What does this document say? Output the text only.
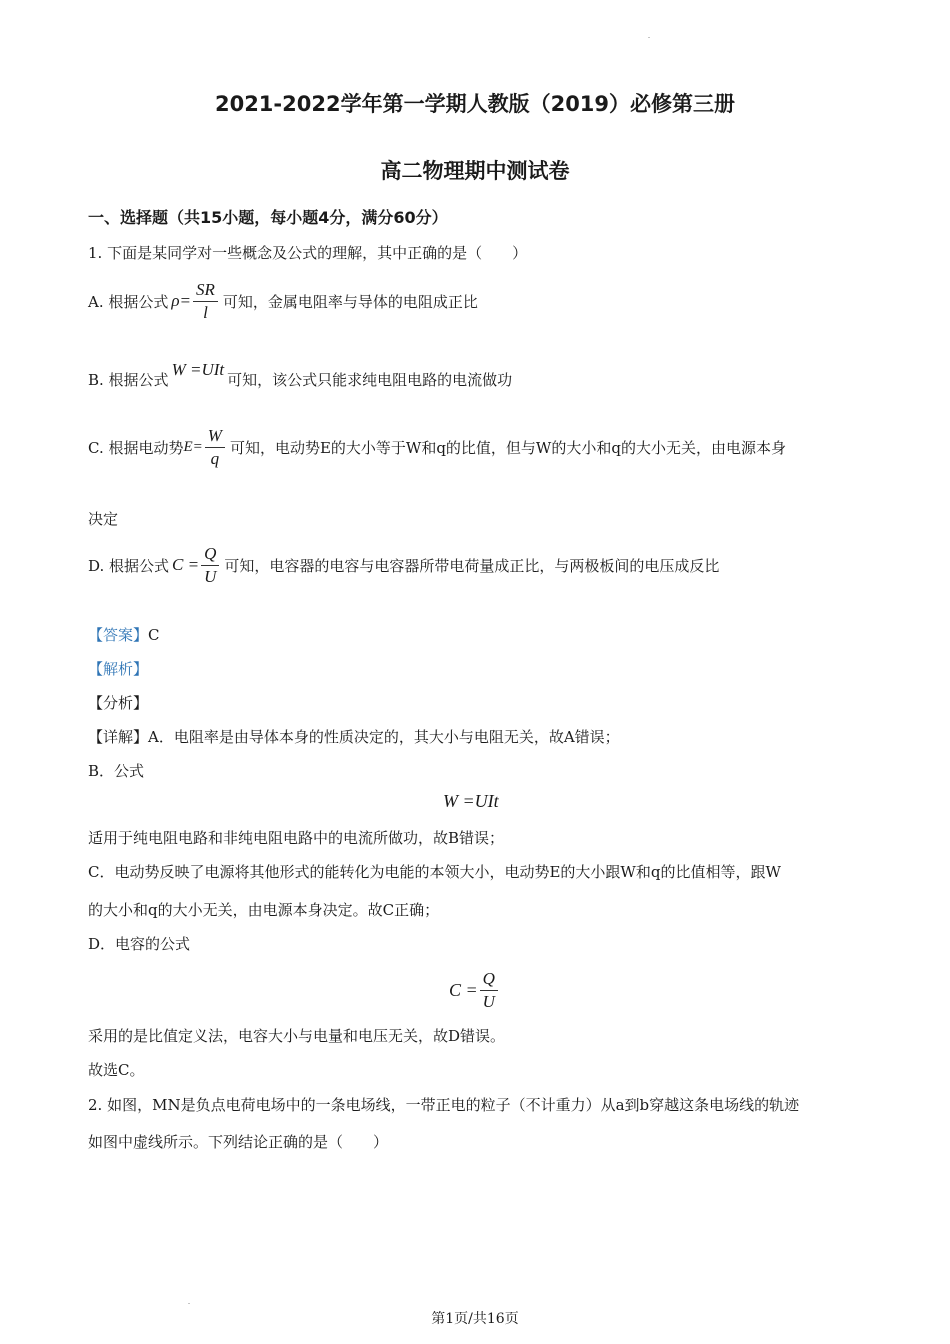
-
2021-2022学年第一学期人教版（2019）必修第三册
高二物理期中测试卷
一、选择题（共15小题，每小题4分，满分60分）
1. 下面是某同学对一些概念及公式的理解，其中正确的是（　　）
A. 根据公式 $\rho= \frac{SR}{l}$ 可知，金属电阻率与导体的电阻成正比
B. 根据公式
W =UIt
可知，该公式只能求纯电阻电路的电流做功
C. 根据电动势 $E= \frac{W}{q}$ 可知，电动势E的大小等于W和q的比值，但与W的大小和q的大小无关，由电源本身
决定
D. 根据公式 $C = \frac{Q}{U}$ 可知，电容器的电容与电容器所带电荷量成正比，与两极板间的电压成反比
【答案】C
【解析】
【分析】
【详解】A．电阻率是由导体本身的性质决定的，其大小与电阻无关，故A错误；
B．公式
W =UIt
适用于纯电阻电路和非纯电阻电路中的电流所做功，故B错误；
C．电动势反映了电源将其他形式的能转化为电能的本领大小，电动势E的大小跟W和q的比值相等，跟W
的大小和q的大小无关，由电源本身决定。故C正确；
D．电容的公式
$C = \frac{Q}{U}$
采用的是比值定义法，电容大小与电量和电压无关，故D错误。
故选C。
2. 如图，MN是负点电荷电场中的一条电场线，一带正电的粒子（不计重力）从a到b穿越这条电场线的轨迹
如图中虚线所示。下列结论正确的是（　　）
-
第1页/共16页
